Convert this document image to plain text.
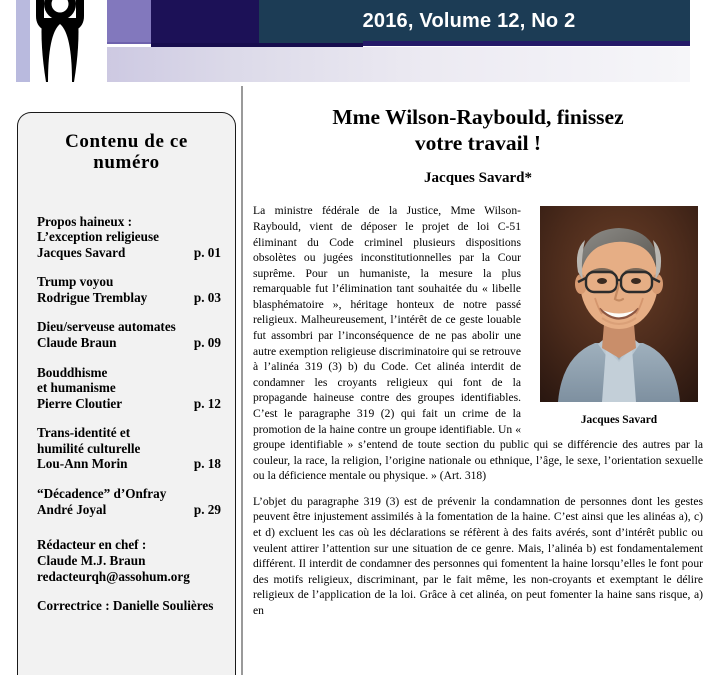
2016, Volume 12, No 2
Contenu de ce
numéro
Propos haineux :
L’exception religieuse
Jacques Savard	p. 01
Trump voyou
Rodrigue Tremblay	p. 03
Dieu/serveuse automates
Claude Braun	p. 09
Bouddhisme
et humanisme
Pierre Cloutier	p. 12
Trans-identité et
humilité culturelle
Lou-Ann Morin	p. 18
“Décadence” d’Onfray
André Joyal	p. 29
Rédacteur en chef :
Claude M.J. Braun
redacteurqh@assohum.org
Correctrice : Danielle Soulières
Mme Wilson-Raybould, finissez
votre travail !
Jacques Savard*
Jacques Savard

La ministre fédérale de la Justice, Mme Wilson-Raybould, vient de déposer le projet de loi C-51 éliminant du Code criminel plusieurs dispositions obsolètes ou jugées inconstitutionnelles par la Cour suprême. Pour un humaniste, la mesure la plus remarquable fut l’élimination tant souhaitée du « libelle blasphématoire », héritage honteux de notre passé religieux. Malheureusement, l’intérêt de ce geste louable fut assombri par l’inconséquence de ne pas abolir une autre exemption religieuse discriminatoire qui se retrouve à l’alinéa 319 (3) b) du Code. Cet alinéa interdit de condamner les croyants religieux qui font de la propagande haineuse contre des groupes identifiables. C’est le paragraphe 319 (2) qui fait un crime de la promotion de la haine contre un groupe identifiable. Un « groupe identifiable » s’entend de toute section du public qui se différencie des autres par la couleur, la race, la religion, l’origine nationale ou ethnique, l’âge, le sexe, l’orientation sexuelle ou la déficience mentale ou physique. » (Art. 318)

L’objet du paragraphe 319 (3) est de prévenir la condamnation de personnes dont les gestes peuvent être injustement assimilés à la fomentation de la haine. C’est ainsi que les alinéas a), c) et d) excluent les cas où les déclarations se réfèrent à des faits avérés, sont d’intérêt public ou veulent attirer l’attention sur une situation de ce genre. Mais, l’alinéa b) est fondamentalement différent. Il interdit de condamner des personnes qui fomentent la haine lorsqu’elles le font pour des motifs religieux, discriminant, par le fait même, les non-croyants et exemptant le délire religieux de l’application de la loi. Grâce à cet alinéa, on peut fomenter la haine sans risque, a) en
